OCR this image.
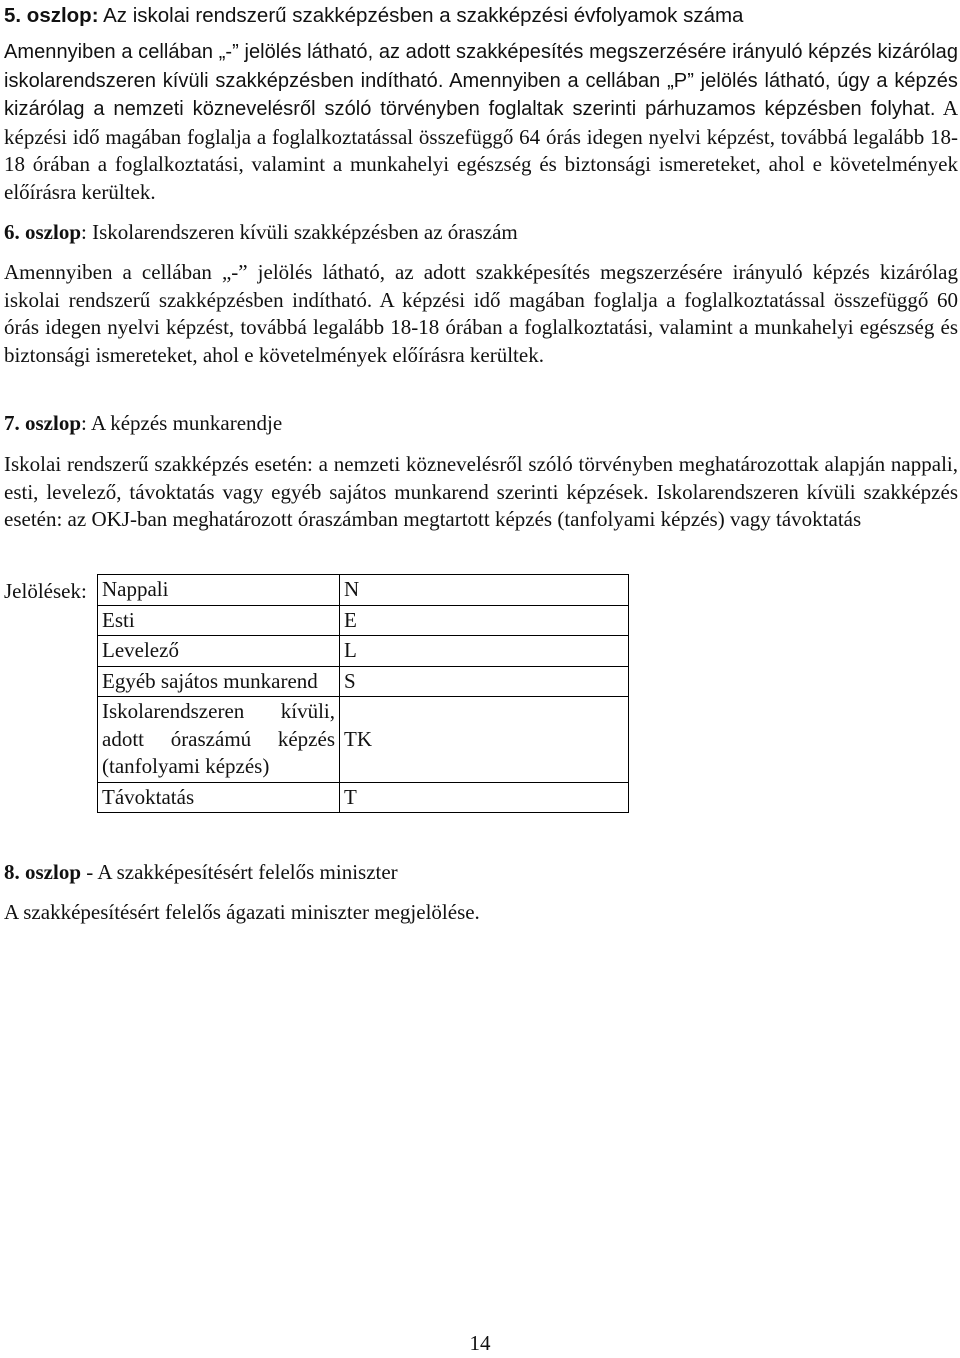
5. oszlop: Az iskolai rendszerű szakképzésben a szakképzési évfolyamok száma

Amennyiben a cellában „-” jelölés látható, az adott szakképesítés megszerzésére irányuló képzés kizárólag iskolarendszeren kívüli szakképzésben indítható. Amennyiben a cellában „P” jelölés látható, úgy a képzés kizárólag a nemzeti köznevelésről szóló törvényben foglaltak szerinti párhuzamos képzésben folyhat. A képzési idő magában foglalja a foglalkoztatással összefüggő 64 órás idegen nyelvi képzést, továbbá legalább 18-18 órában a foglalkoztatási, valamint a munkahelyi egészség és biztonsági ismereteket, ahol e követelmények előírásra kerültek.

6. oszlop: Iskolarendszeren kívüli szakképzésben az óraszám

Amennyiben a cellában „-” jelölés látható, az adott szakképesítés megszerzésére irányuló képzés kizárólag iskolai rendszerű szakképzésben indítható. A képzési idő magában foglalja a foglalkoztatással összefüggő 60 órás idegen nyelvi képzést, továbbá legalább 18-18 órában a foglalkoztatási, valamint a munkahelyi egészség és biztonsági ismereteket, ahol e követelmények előírásra kerültek.

7. oszlop: A képzés munkarendje

Iskolai rendszerű szakképzés esetén: a nemzeti köznevelésről szóló törvényben meghatározottak alapján nappali, esti, levelező, távoktatás vagy egyéb sajátos munkarend szerinti képzések. Iskolarendszeren kívüli szakképzés esetén: az OKJ-ban meghatározott óraszámban megtartott képzés (tanfolyami képzés) vagy távoktatás

Jelölések: Nappali	N
Esti	E
Levelező	L
Egyéb sajátos munkarend	S
Iskolarendszeren kívüli, adott óraszámú képzés (tanfolyami képzés)	TK
Távoktatás	T
8. oszlop - A szakképesítésért felelős miniszter

A szakképesítésért felelős ágazati miniszter megjelölése.

14
